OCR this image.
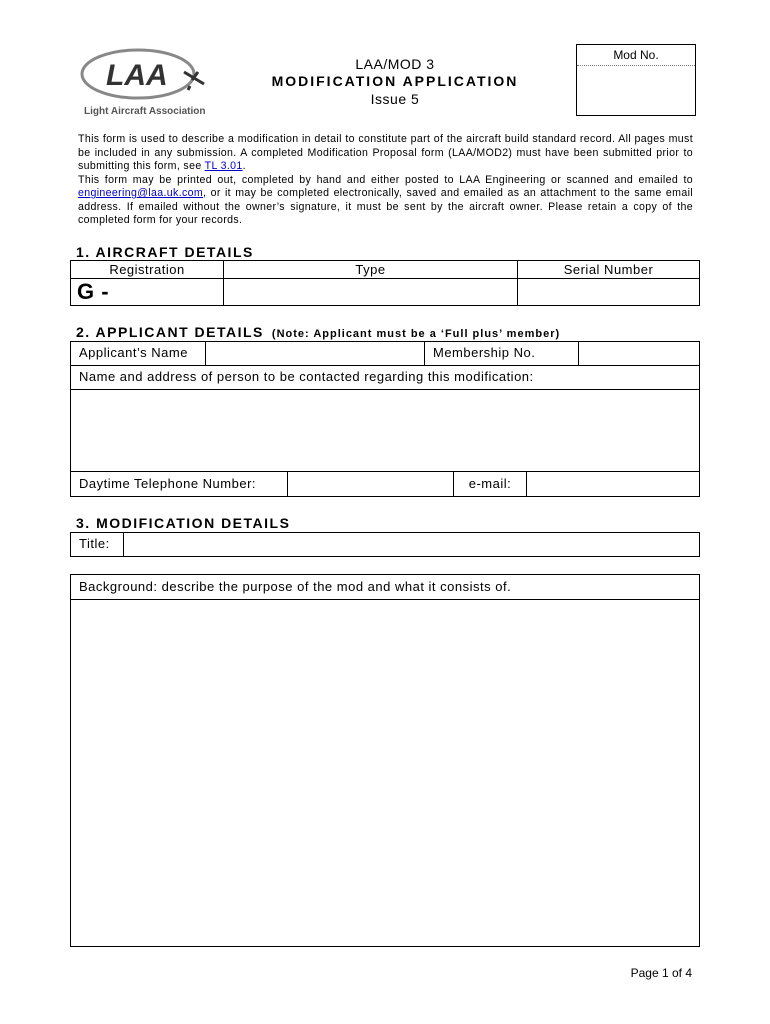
LAA
Light Aircraft Association
LAA/MOD 3
MODIFICATION APPLICATION
Issue 5
Mod No.

This form is used to describe a modification in detail to constitute part of the aircraft build standard record. All pages must be included in any submission. A completed Modification Proposal form (LAA/MOD2) must have been submitted prior to submitting this form, see TL 3.01.

This form may be printed out, completed by hand and either posted to LAA Engineering or scanned and emailed to engineering@laa.uk.com, or it may be completed electronically, saved and emailed as an attachment to the same email address. If emailed without the owner’s signature, it must be sent by the aircraft owner. Please retain a copy of the completed form for your records.

1. AIRCRAFT DETAILS
Registration	Type	Serial Number
G -
2. APPLICANT DETAILS (Note: Applicant must be a ‘Full plus’ member)
Applicant’s Name	Membership No.
Name and address of person to be contacted regarding this modification:
Daytime Telephone Number:	e-mail:
3. MODIFICATION DETAILS
Title:
Background: describe the purpose of the mod and what it consists of.
Page 1 of 4
